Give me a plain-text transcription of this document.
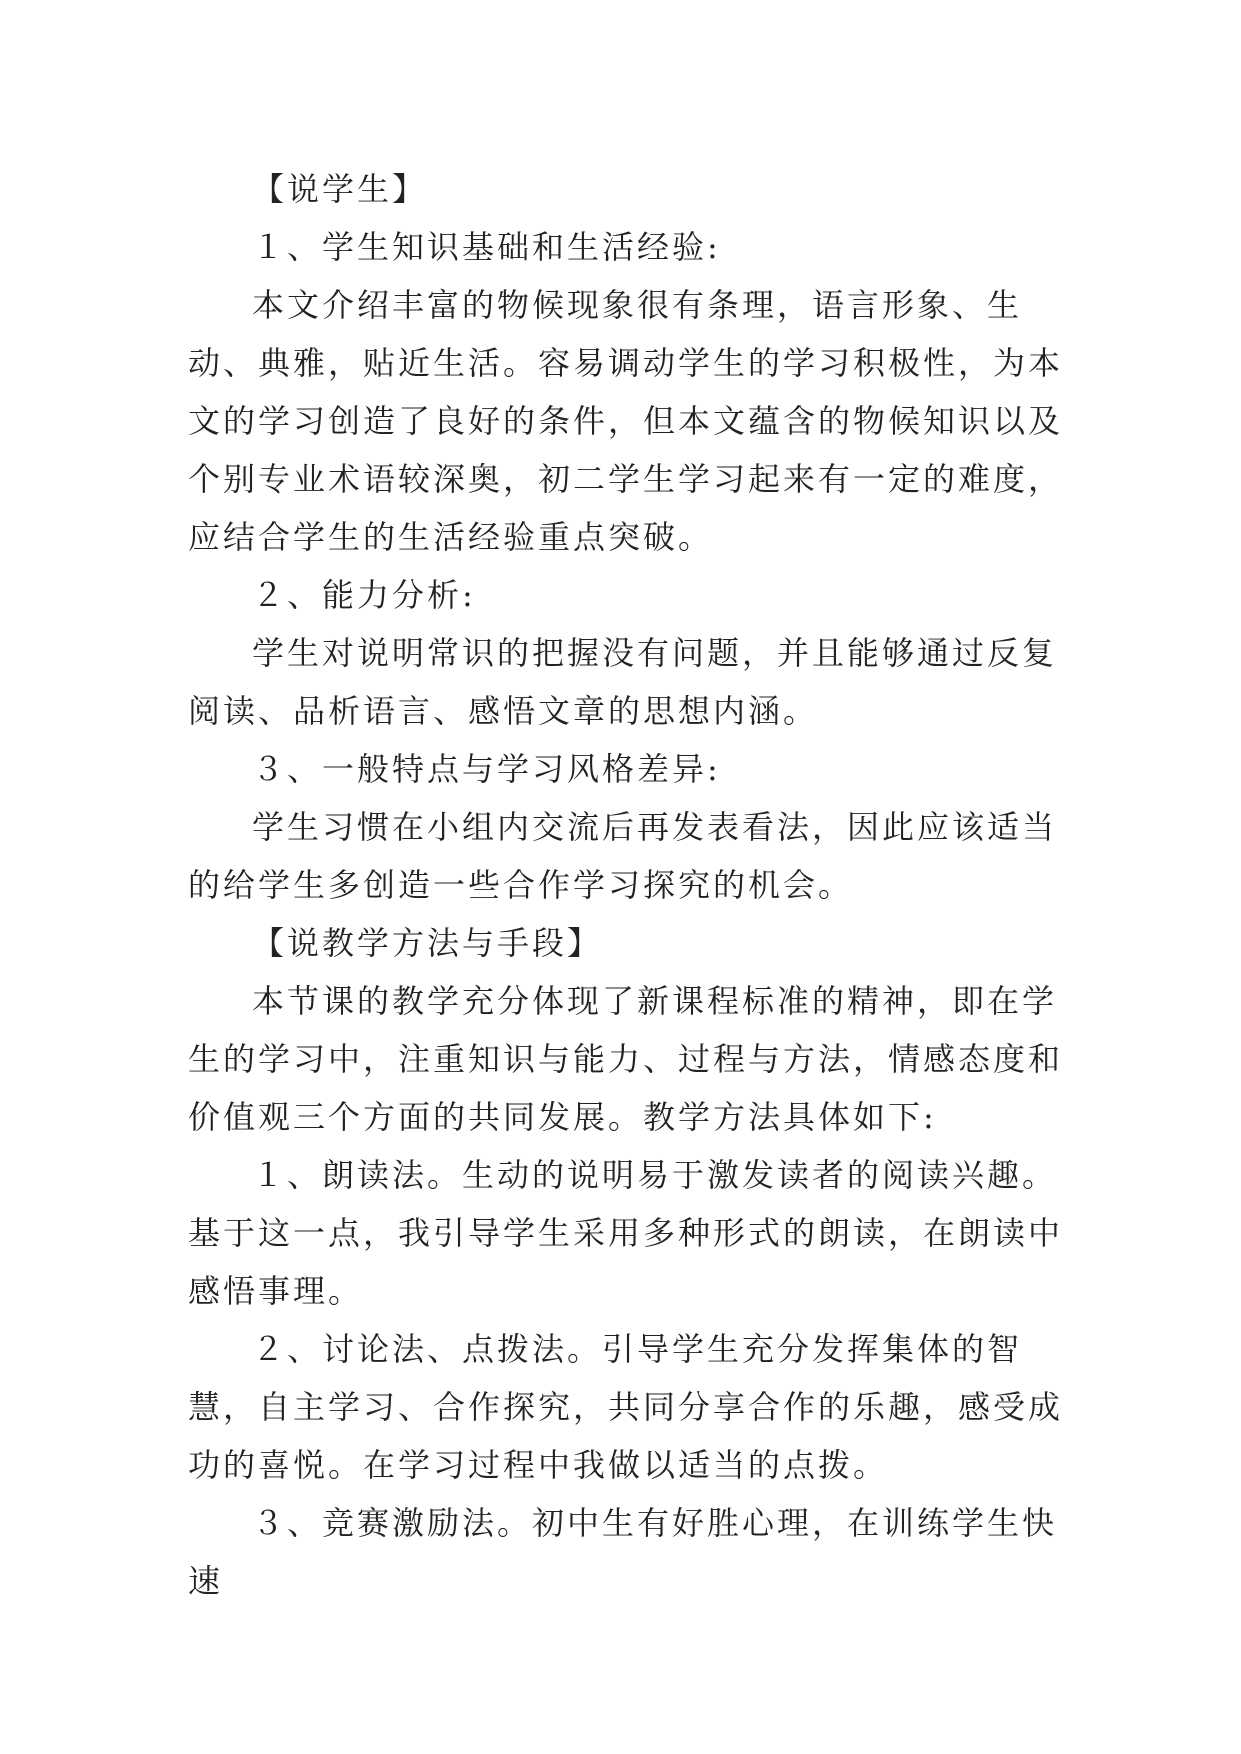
【说学生】

１、学生知识基础和生活经验:

本文介绍丰富的物候现象很有条理，语言形象、生动、典雅，贴近生活。容易调动学生的学习积极性，为本文的学习创造了良好的条件，但本文蕴含的物候知识以及个别专业术语较深奥，初二学生学习起来有一定的难度，应结合学生的生活经验重点突破。

２、能力分析:

学生对说明常识的把握没有问题，并且能够通过反复阅读、品析语言、感悟文章的思想内涵。

３、一般特点与学习风格差异:

学生习惯在小组内交流后再发表看法，因此应该适当的给学生多创造一些合作学习探究的机会。

【说教学方法与手段】

本节课的教学充分体现了新课程标准的精神，即在学生的学习中，注重知识与能力、过程与方法，情感态度和价值观三个方面的共同发展。教学方法具体如下:

１、朗读法。生动的说明易于激发读者的阅读兴趣。基于这一点，我引导学生采用多种形式的朗读，在朗读中感悟事理。

２、讨论法、点拨法。引导学生充分发挥集体的智慧，自主学习、合作探究，共同分享合作的乐趣，感受成功的喜悦。在学习过程中我做以适当的点拨。

３、竞赛激励法。初中生有好胜心理，在训练学生快速
